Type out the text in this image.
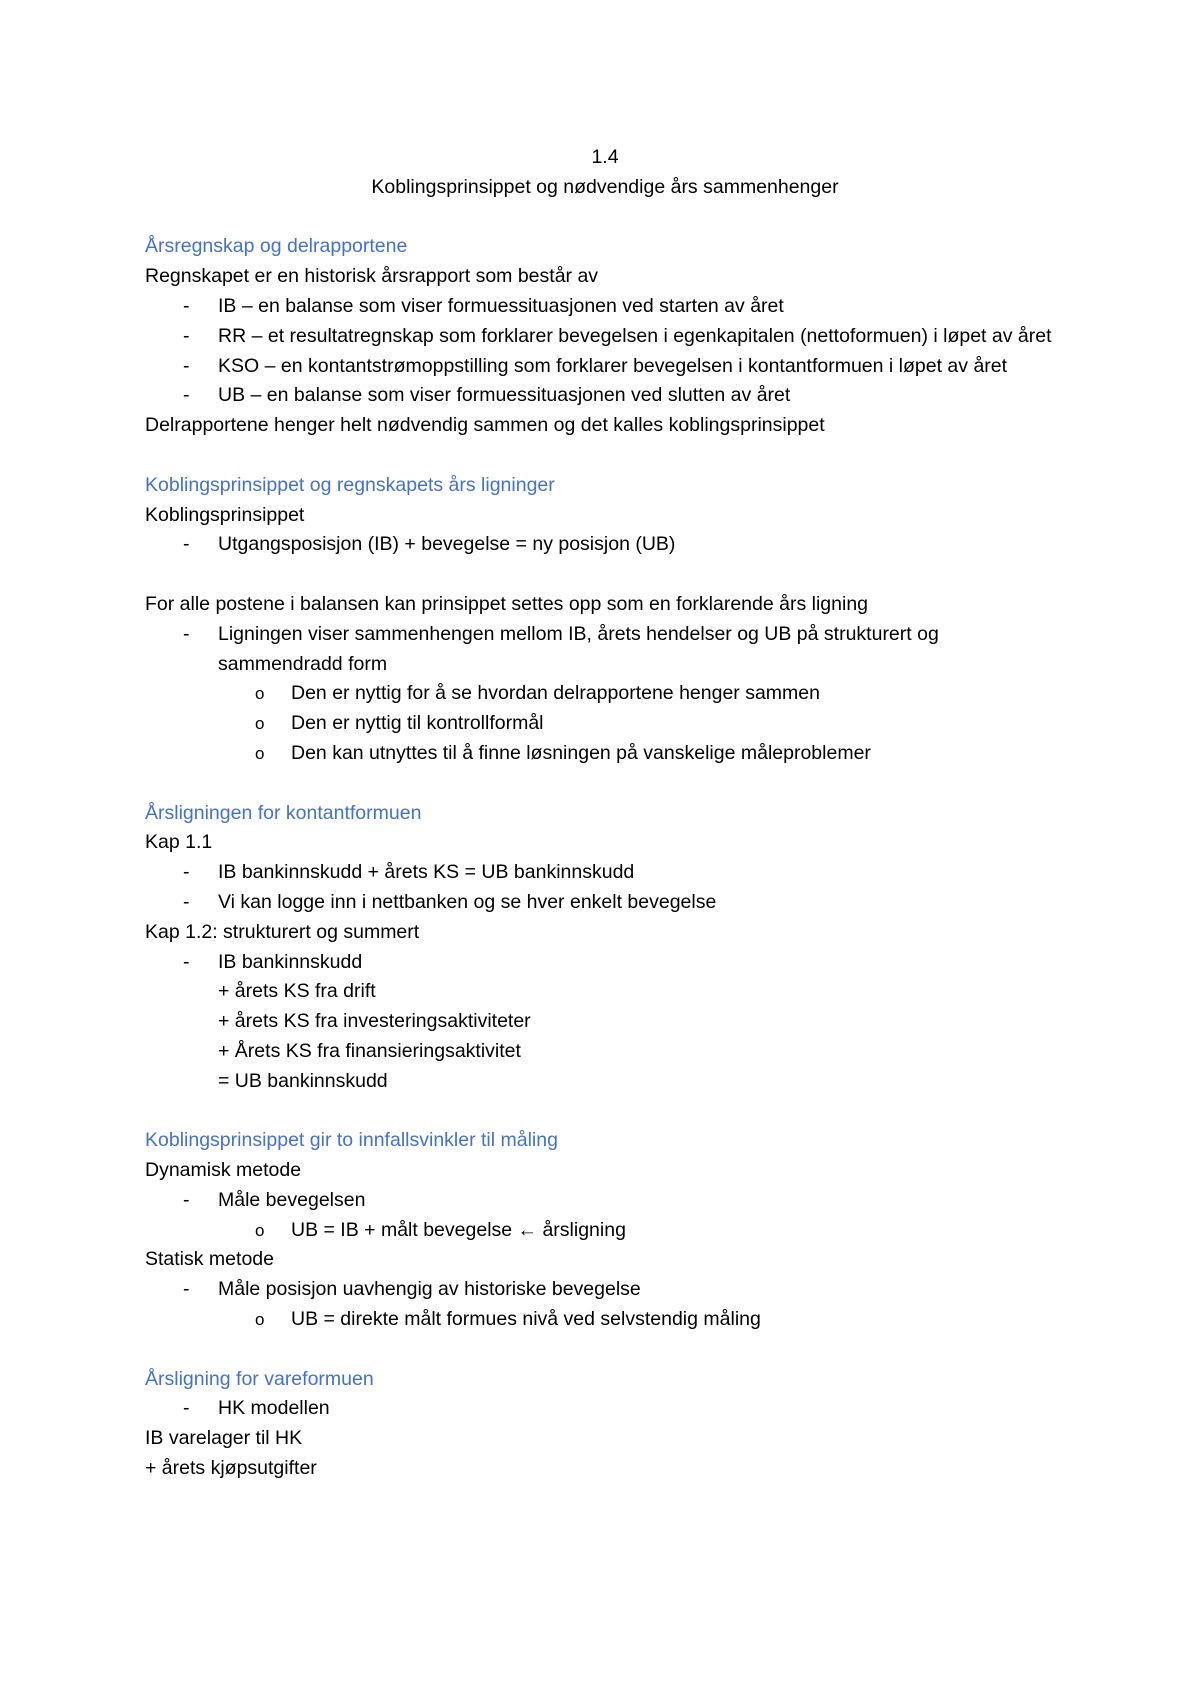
1.4
Koblingsprinsippet og nødvendige års sammenhenger
Årsregnskap og delrapportene
Regnskapet er en historisk årsrapport som består av
-	IB – en balanse som viser formuessituasjonen ved starten av året
-	RR – et resultatregnskap som forklarer bevegelsen i egenkapitalen (nettoformuen) i løpet av året
-	KSO – en kontantstrømoppstilling som forklarer bevegelsen i kontantformuen i løpet av året
-	UB – en balanse som viser formuessituasjonen ved slutten av året
Delrapportene henger helt nødvendig sammen og det kalles koblingsprinsippet
Koblingsprinsippet og regnskapets års ligninger
Koblingsprinsippet
-	Utgangsposisjon (IB) + bevegelse = ny posisjon (UB)
For alle postene i balansen kan prinsippet settes opp som en forklarende års ligning
-	Ligningen viser sammenhengen mellom IB, årets hendelser og UB på strukturert og sammendradd form
o	Den er nyttig for å se hvordan delrapportene henger sammen
o	Den er nyttig til kontrollformål
o	Den kan utnyttes til å finne løsningen på vanskelige måleproblemer
Årsligningen for kontantformuen
Kap 1.1
-	IB bankinnskudd + årets KS = UB bankinnskudd
-	Vi kan logge inn i nettbanken og se hver enkelt bevegelse
Kap 1.2: strukturert og summert
-	IB bankinnskudd
+ årets KS fra drift
+ årets KS fra investeringsaktiviteter
+ Årets KS fra finansieringsaktivitet
= UB bankinnskudd
Koblingsprinsippet gir to innfallsvinkler til måling
Dynamisk metode
-	Måle bevegelsen
o	UB = IB + målt bevegelse ← årsligning
Statisk metode
-	Måle posisjon uavhengig av historiske bevegelse
o	UB = direkte målt formues nivå ved selvstendig måling
Årsligning for vareformuen
-	HK modellen
IB varelager til HK
+ årets kjøpsutgifter
